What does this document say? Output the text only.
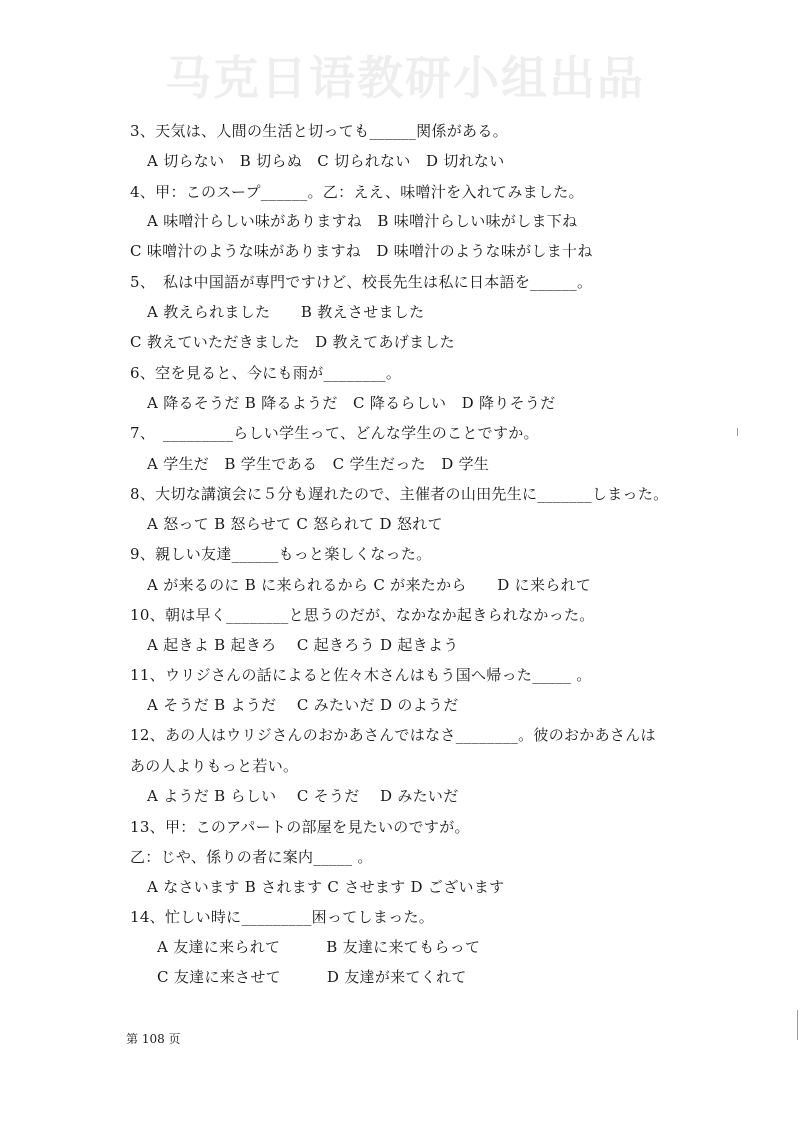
马克日语教研小组出品
3、天気は、人間の生活と切っても______関係がある。
A 切らない　B 切らぬ　C 切られない　D 切れない
4、甲：このスープ______。乙：ええ、味噌汁を入れてみました。
A 味噌汁らしい味がありますね　B 味噌汁らしい味がしま下ね
C 味噌汁のような味がありますね　D 味噌汁のような味がしま十ね
5、　私は中国語が専門ですけど、校長先生は私に日本語を______。
A 教えられました　　B 教えさせました
C 教えていただきました　D 教えてあげました
6、空を見ると、今にも雨が________。
A 降るそうだ B 降るようだ　C 降るらしい　D 降りそうだ
7、　_________らしい学生って、どんな学生のことですか。
A 学生だ　B 学生である　C 学生だった　D 学生
8、大切な講演会に５分も遅れたので、主催者の山田先生に_______しまった。
A 怒って B 怒らせて C 怒られて D 怒れて
9、親しい友達______もっと楽しくなった。
A が来るのに B に来られるから C が来たから　　D に来られて
10、朝は早く________と思うのだが、なかなか起きられなかった。
A 起きよ B 起きろ　 C 起きろう D 起きよう
11、ウリジさんの話によると佐々木さんはもう国へ帰った_____ 。
A そうだ B ようだ　 C みたいだ D のようだ
12、あの人はウリジさんのおかあさんではなさ________。彼のおかあさんは
あの人よりもっと若い。
A ようだ B らしい　 C そうだ　 D みたいだ
13、甲：このアパートの部屋を見たいのですが。
乙：じや、係りの者に案内_____ 。
A なさいます B されます C させます D ございます
14、忙しい時に_________困ってしまった。
A 友達に来られて　　　B 友達に来てもらって
C 友達に来させて　　　D 友達が来てくれて
第 108 页
